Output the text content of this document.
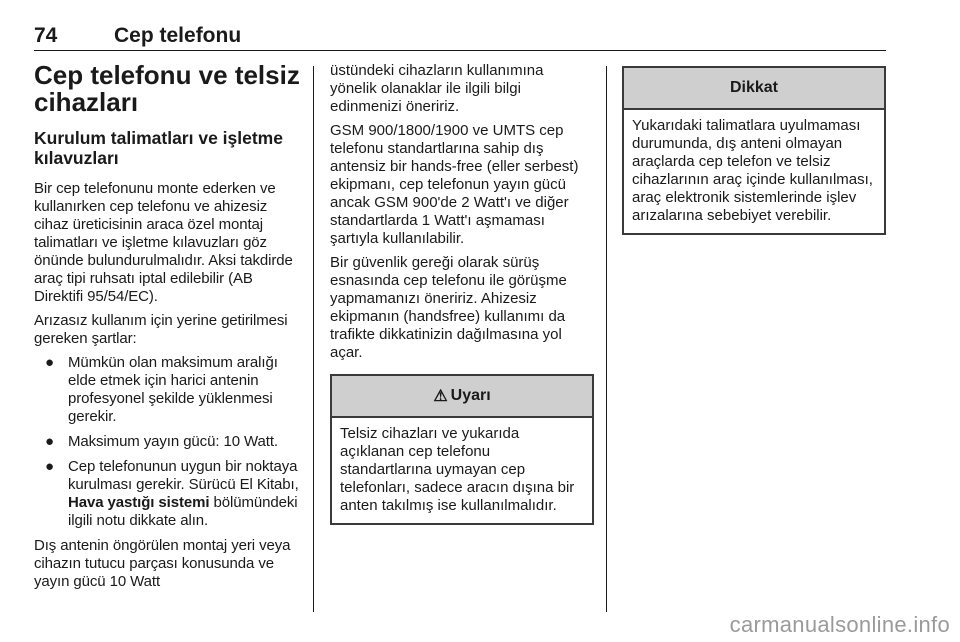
74	Cep telefonu
Cep telefonu ve telsiz cihazları
Kurulum talimatları ve işletme kılavuzları

Bir cep telefonunu monte ederken ve kullanırken cep telefonu ve ahizesiz cihaz üreticisinin araca özel montaj talimatları ve işletme kılavuzları göz önünde bulundurulmalıdır. Aksi takdirde araç tipi ruhsatı iptal edilebilir (AB Direktifi 95/54/EC).

Arızasız kullanım için yerine getirilmesi gereken şartlar:

● Mümkün olan maksimum aralığı elde etmek için harici antenin profesyonel şekilde yüklenmesi gerekir.
● Maksimum yayın gücü: 10 Watt.
● Cep telefonunun uygun bir noktaya kurulması gerekir. Sürücü El Kitabı, Hava yastığı sistemi bölümündeki ilgili notu dikkate alın.

Dış antenin öngörülen montaj yeri veya cihazın tutucu parçası konusunda ve yayın gücü 10 Watt

üstündeki cihazların kullanımına yönelik olanaklar ile ilgili bilgi edinmenizi öneririz.

GSM 900/1800/1900 ve UMTS cep telefonu standartlarına sahip dış antensiz bir hands-free (eller serbest) ekipmanı, cep telefonun yayın gücü ancak GSM 900'de 2 Watt'ı ve diğer standartlarda 1 Watt'ı aşmaması şartıyla kullanılabilir.

Bir güvenlik gereği olarak sürüş esnasında cep telefonu ile görüşme yapmamanızı öneririz. Ahizesiz ekipmanın (handsfree) kullanımı da trafikte dikkatinizin dağılmasına yol açar.

⚠ Uyarı

Telsiz cihazları ve yukarıda açıklanan cep telefonu standartlarına uymayan cep telefonları, sadece aracın dışına bir anten takılmış ise kullanılmalıdır.

Dikkat

Yukarıdaki talimatlara uyulmaması durumunda, dış anteni olmayan araçlarda cep telefon ve telsiz cihazlarının araç içinde kullanılması, araç elektronik sistemlerinde işlev arızalarına sebebiyet verebilir.

carmanualsonline.info
